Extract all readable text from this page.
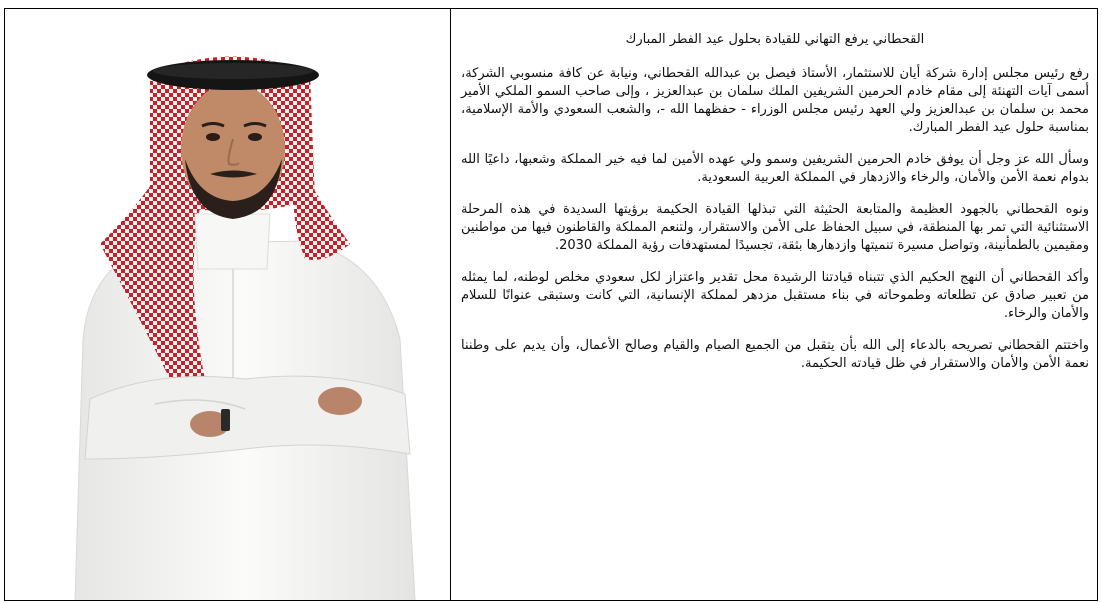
القحطاني يرفع التهاني للقيادة بحلول عيد الفطر المبارك

رفع رئيس مجلس إدارة شركة أيان للاستثمار، الأستاذ فيصل بن عبدالله القحطاني، ونيابة عن كافة منسوبي الشركة، أسمى آيات التهنئة إلى مقام خادم الحرمين الشريفين الملك سلمان بن عبدالعزيز ، وإلى صاحب السمو الملكي الأمير محمد بن سلمان بن عبدالعزيز ولي العهد رئيس مجلس الوزراء - حفظهما الله -، والشعب السعودي والأمة الإسلامية، بمناسبة حلول عيد الفطر المبارك.

وسأل الله عز وجل أن يوفق خادم الحرمين الشريفين وسمو ولي عهده الأمين لما فيه خير المملكة وشعبها، داعيًا الله بدوام نعمة الأمن والأمان، والرخاء والازدهار في المملكة العربية السعودية.

ونوه القحطاني بالجهود العظيمة والمتابعة الحثيثة التي تبذلها القيادة الحكيمة برؤيتها السديدة في هذه المرحلة الاستثنائية التي تمر بها المنطقة، في سبيل الحفاظ على الأمن والاستقرار، ولتنعم المملكة والقاطنون فيها من مواطنين ومقيمين بالطمأنينة، وتواصل مسيرة تنميتها وازدهارها بثقة، تجسيدًا لمستهدفات رؤية المملكة 2030.

وأكد القحطاني أن النهج الحكيم الذي تتبناه قيادتنا الرشيدة محل تقدير واعتزاز لكل سعودي مخلص لوطنه، لما يمثله من تعبير صادق عن تطلعاته وطموحاته في بناء مستقبل مزدهر لمملكة الإنسانية، التي كانت وستبقى عنوانًا للسلام والأمان والرخاء.

واختتم القحطاني تصريحه بالدعاء إلى الله بأن يتقبل من الجميع الصيام والقيام وصالح الأعمال، وأن يديم على وطننا نعمة الأمن والأمان والاستقرار في ظل قيادته الحكيمة.
